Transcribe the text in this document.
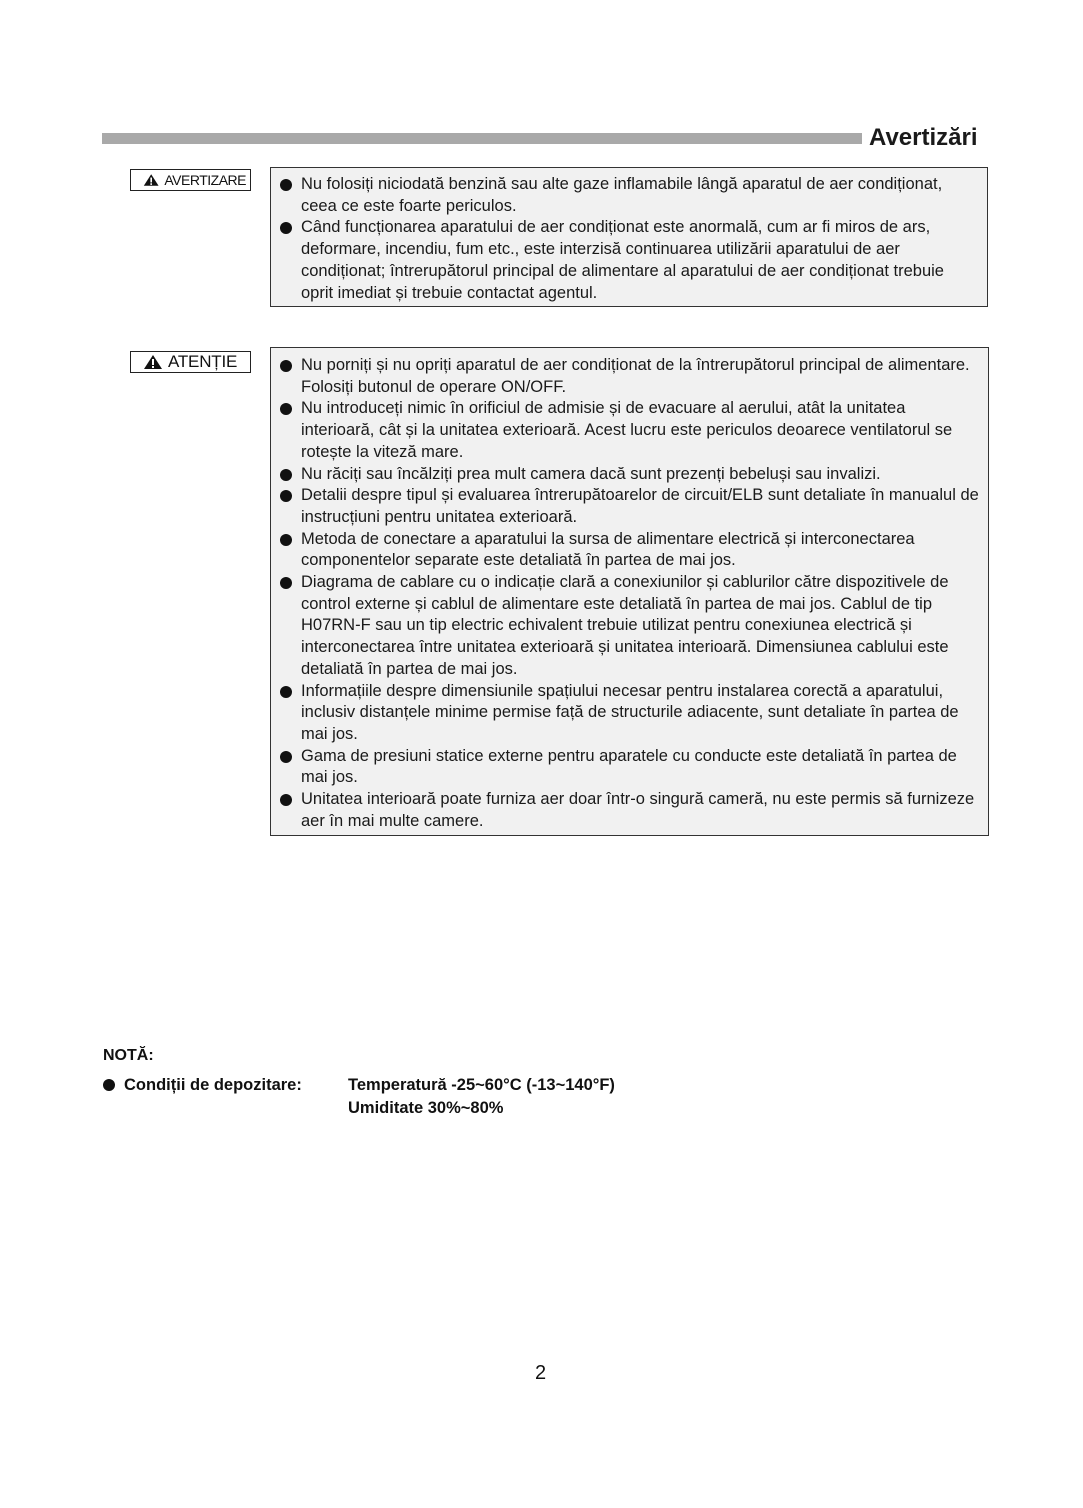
Avertizări
AVERTIZARE	Nu folosiți niciodată benzină sau alte gaze inflamabile lângă aparatul de aer condiționat, ceea ce este foarte periculos.
Când funcționarea aparatului de aer condiționat este anormală, cum ar fi miros de ars, deformare, incendiu, fum etc., este interzisă continuarea utilizării aparatului de aer condiționat; întrerupătorul principal de alimentare al aparatului de aer condiționat trebuie oprit imediat și trebuie contactat agentul.
ATENȚIE	Nu porniți și nu opriți aparatul de aer condiționat de la întrerupătorul principal de alimentare. Folosiți butonul de operare ON/OFF.
Nu introduceți nimic în orificiul de admisie și de evacuare al aerului, atât la unitatea interioară, cât și la unitatea exterioară. Acest lucru este periculos deoarece ventilatorul se rotește la viteză mare.
Nu răciți sau încălziți prea mult camera dacă sunt prezenți bebeluși sau invalizi.
Detalii despre tipul și evaluarea întrerupătoarelor de circuit/ELB sunt detaliate în manualul de instrucțiuni pentru unitatea exterioară.
Metoda de conectare a aparatului la sursa de alimentare electrică și interconectarea componentelor separate este detaliată în partea de mai jos.
Diagrama de cablare cu o indicație clară a conexiunilor și cablurilor către dispozitivele de control externe și cablul de alimentare este detaliată în partea de mai jos. Cablul de tip H07RN-F sau un tip electric echivalent trebuie utilizat pentru conexiunea electrică și interconectarea între unitatea exterioară și unitatea interioară. Dimensiunea cablului este detaliată în partea de mai jos.
Informațiile despre dimensiunile spațiului necesar pentru instalarea corectă a aparatului, inclusiv distanțele minime permise față de structurile adiacente, sunt detaliate în partea de mai jos.
Gama de presiuni statice externe pentru aparatele cu conducte este detaliată în partea de mai jos.
Unitatea interioară poate furniza aer doar într-o singură cameră, nu este permis să furnizeze aer în mai multe camere.
NOTĂ:
Condiții de depozitare:	Temperatură -25~60°C (-13~140°F)
Umiditate 30%~80%
2
